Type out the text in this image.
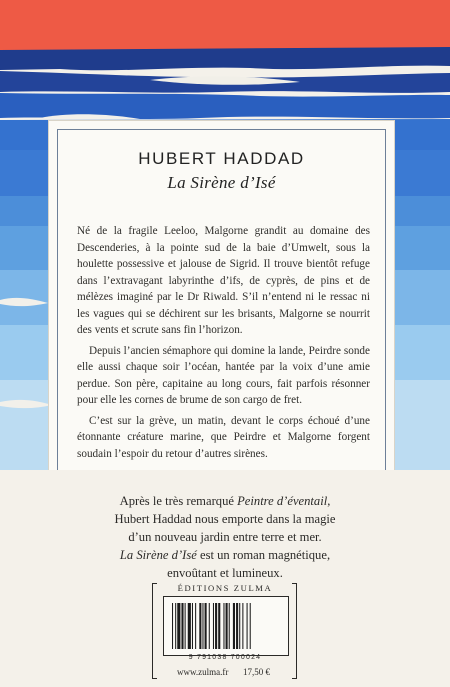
HUBERT HADDAD
La Sirène d’Isé

Né de la fragile Leeloo, Malgorne grandit au domaine des Descenderies, à la pointe sud de la baie d’Umwelt, sous la houlette possessive et jalouse de Sigrid. Il trouve bientôt refuge dans l’extravagant labyrinthe d’ifs, de cyprès, de pins et de mélèzes imaginé par le Dr Riwald. S’il n’entend ni le ressac ni les vagues qui se déchirent sur les brisants, Malgorne se nourrit des vents et scrute sans fin l’horizon.

Depuis l’ancien sémaphore qui domine la lande, Peirdre sonde elle aussi chaque soir l’océan, hantée par la voix d’une amie perdue. Son père, capitaine au long cours, fait parfois résonner pour elle les cornes de brume de son cargo de fret.

C’est sur la grève, un matin, devant le corps échoué d’une étonnante créature marine, que Peirdre et Malgorne forgent soudain l’espoir du retour d’autres sirènes.

Après le très remarqué Peintre d’éventail,
Hubert Haddad nous emporte dans la magie
d’un nouveau jardin entre terre et mer.
La Sirène d’Isé est un roman magnétique,
envoûtant et lumineux.
ÉDITIONS ZULMA
9 791038 700024
www.zulma.fr 17,50 €
